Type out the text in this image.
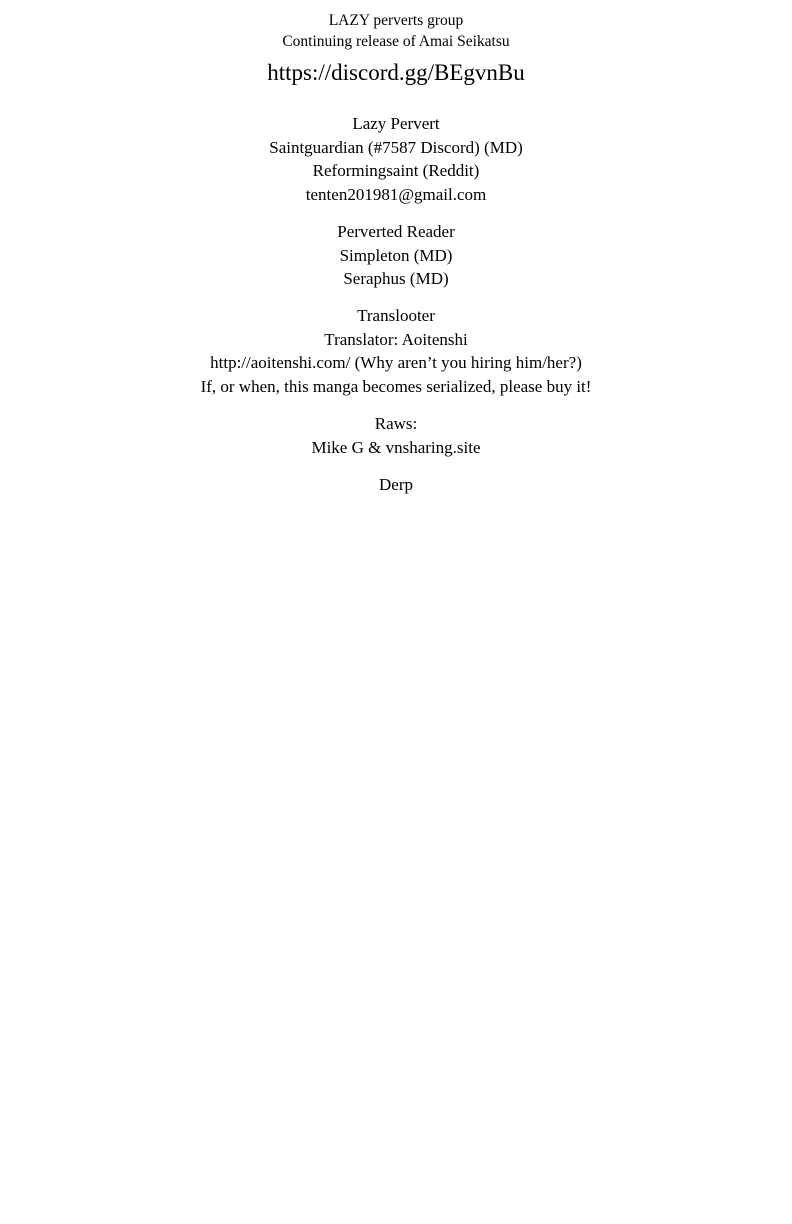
LAZY perverts group
Continuing release of Amai Seikatsu
https://discord.gg/BEgvnBu
Lazy Pervert
Saintguardian (#7587 Discord) (MD)
Reformingsaint (Reddit)
tenten201981@gmail.com
Perverted Reader
Simpleton (MD)
Seraphus (MD)
Translooter
Translator: Aoitenshi
http://aoitenshi.com/ (Why aren’t you hiring him/her?)
If, or when, this manga becomes serialized, please buy it!
Raws:
Mike G & vnsharing.site
Derp
